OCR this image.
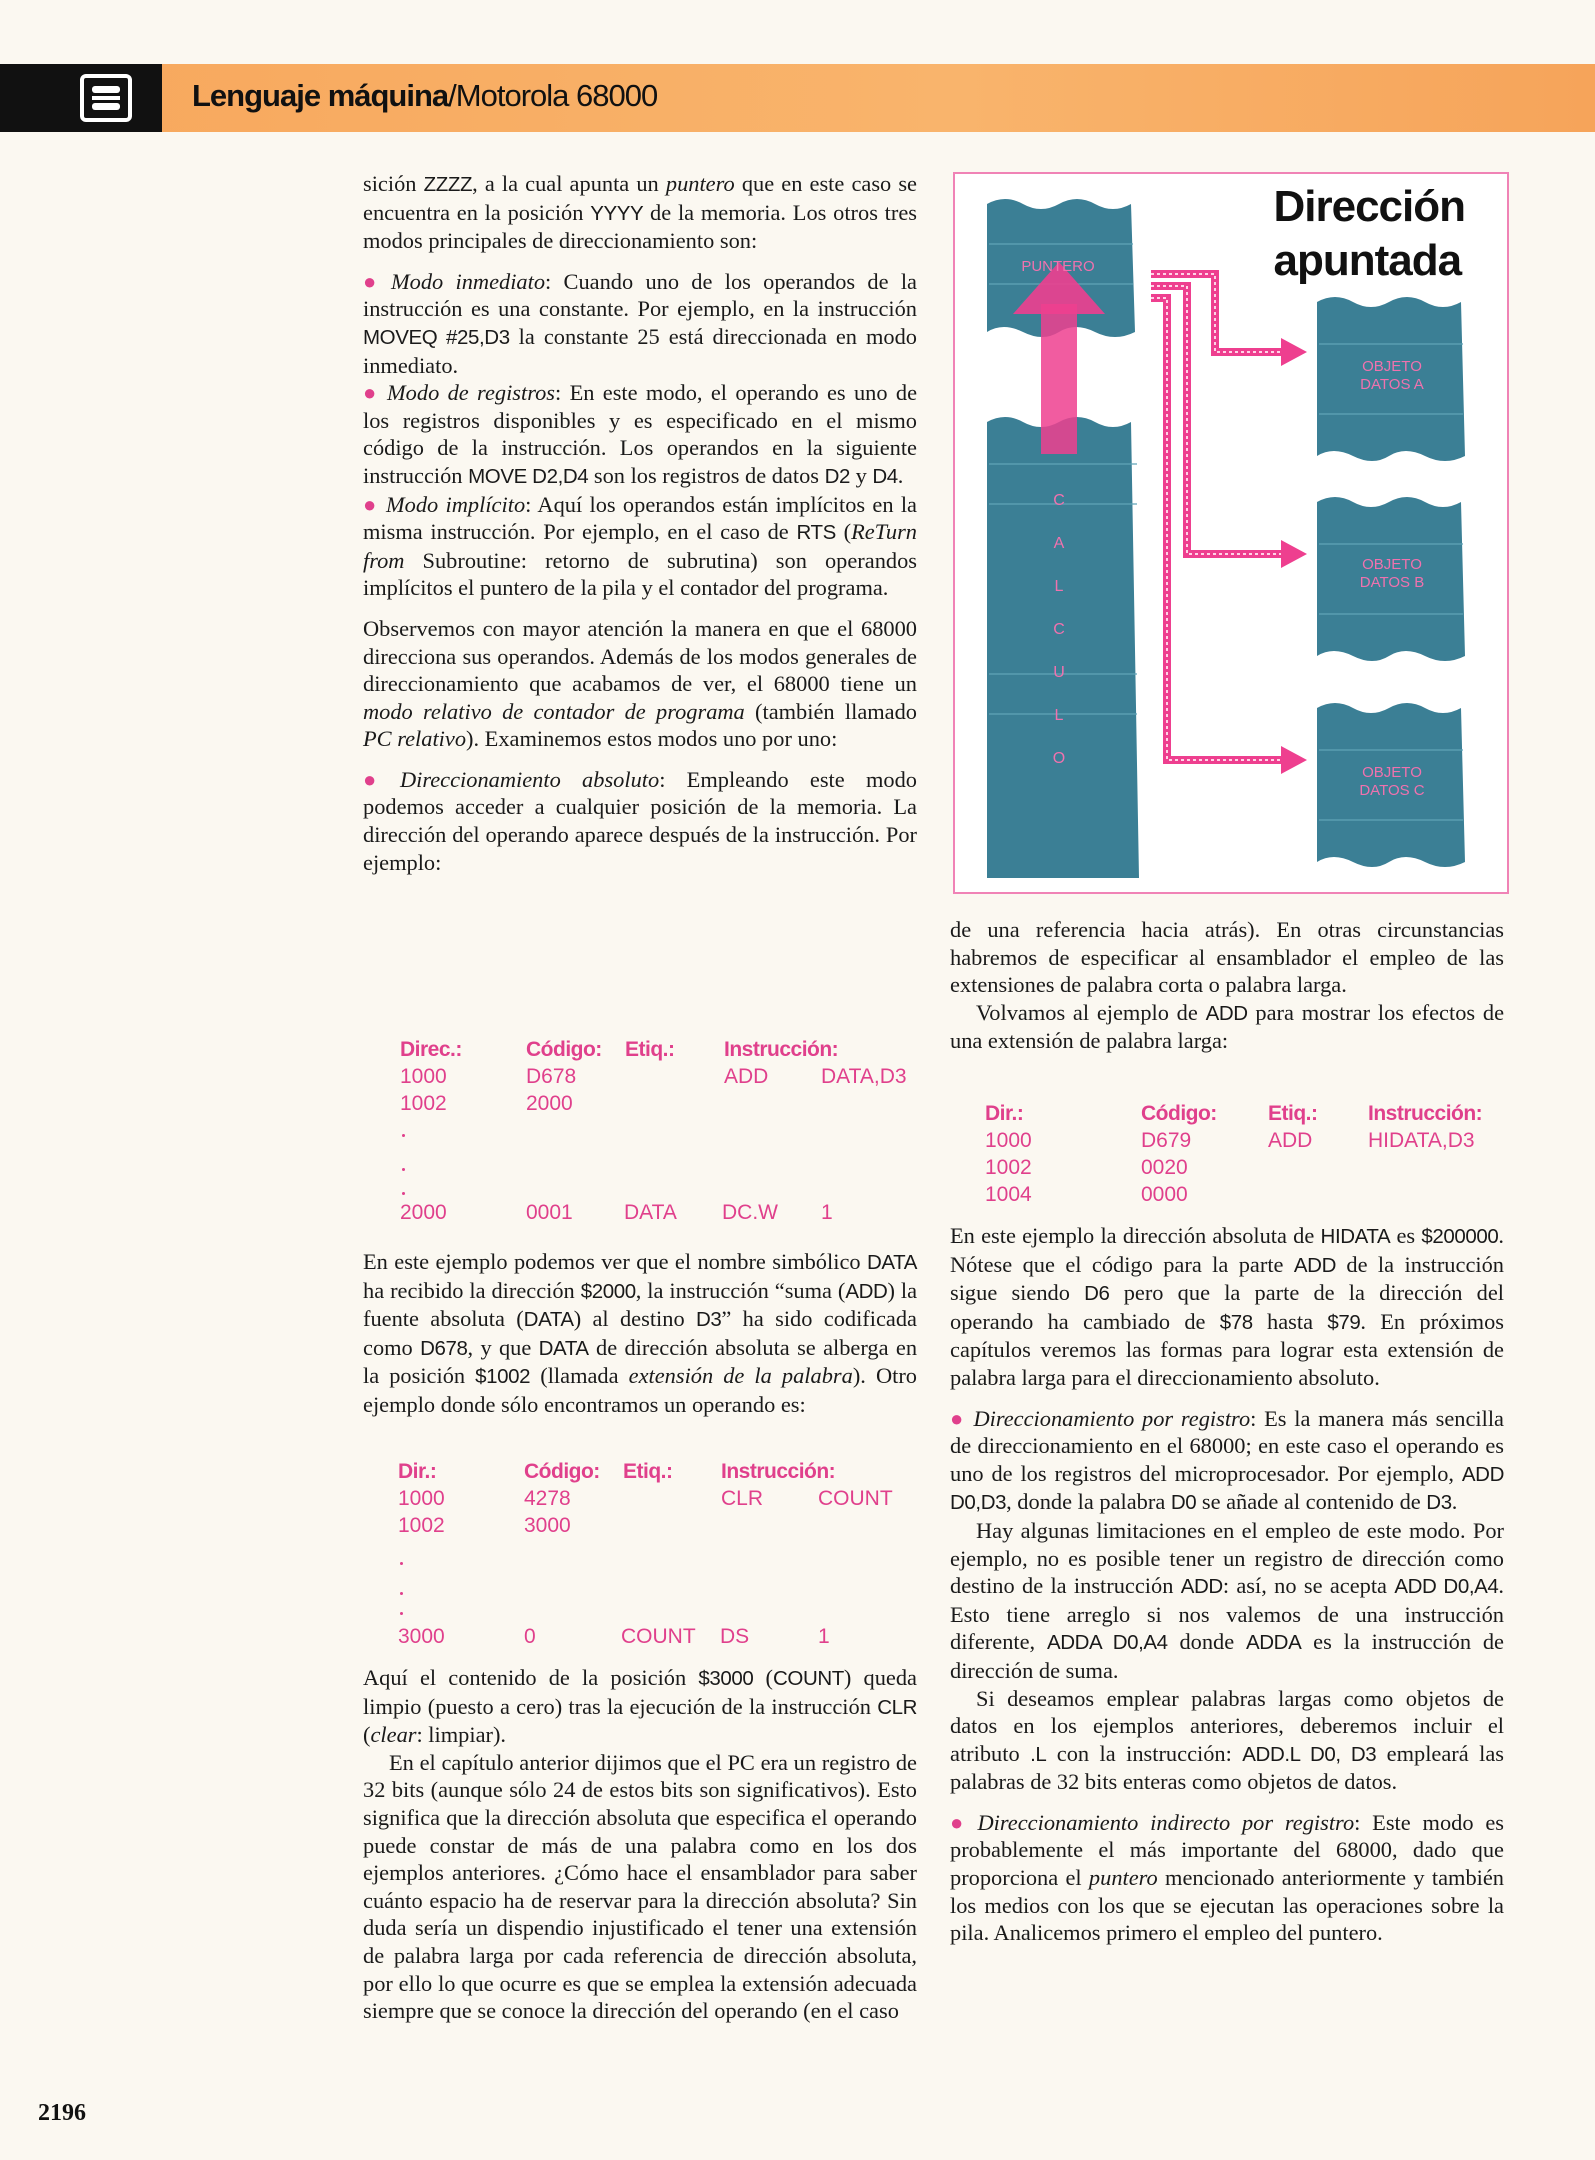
Lenguaje máquina/Motorola 68000

sición ZZZZ, a la cual apunta un puntero que en este caso se encuentra en la posición YYYY de la memoria. Los otros tres modos principales de direccionamiento son:

● Modo inmediato: Cuando uno de los operandos de la instrucción es una constante. Por ejemplo, en la instrucción MOVEQ #25,D3 la constante 25 está direccionada en modo inmediato.

● Modo de registros: En este modo, el operando es uno de los registros disponibles y es especificado en el mismo código de la instrucción. Los operandos en la siguiente instrucción MOVE D2,D4 son los registros de datos D2 y D4.

● Modo implícito: Aquí los operandos están implícitos en la misma instrucción. Por ejemplo, en el caso de RTS (ReTurn from Subroutine: retorno de subrutina) son operandos implícitos el puntero de la pila y el contador del programa.

Observemos con mayor atención la manera en que el 68000 direcciona sus operandos. Además de los modos generales de direccionamiento que acabamos de ver, el 68000 tiene un modo relativo de contador de programa (también llamado PC relativo). Examinemos estos modos uno por uno:

● Direccionamiento absoluto: Empleando este modo podemos acceder a cualquier posición de la memoria. La dirección del operando aparece después de la instrucción. Por ejemplo:

Direc.:	Código: Etiq.: Instrucción:
1000	D678	ADD	DATA,D3
1002	2000
2000	0001 DATA DC.W 1

En este ejemplo podemos ver que el nombre simbólico DATA ha recibido la dirección $2000, la instrucción “suma (ADD) la fuente absoluta (DATA) al destino D3” ha sido codificada como D678, y que DATA de dirección absoluta se alberga en la posición $1002 (llamada extensión de la palabra). Otro ejemplo donde sólo encontramos un operando es:

Dir.:	Código: Etiq.: Instrucción:
1000	4278	CLR	COUNT
1002	3000
3000	0	COUNT DS	1

Aquí el contenido de la posición $3000 (COUNT) queda limpio (puesto a cero) tras la ejecución de la instrucción CLR (clear: limpiar).

En el capítulo anterior dijimos que el PC era un registro de 32 bits (aunque sólo 24 de estos bits son significativos). Esto significa que la dirección absoluta que especifica el operando puede constar de más de una palabra como en los dos ejemplos anteriores. ¿Cómo hace el ensamblador para saber cuánto espacio ha de reservar para la dirección absoluta? Sin duda sería un dispendio injustificado el tener una extensión de palabra larga por cada referencia de dirección absoluta, por ello lo que ocurre es que se emplea la extensión adecuada siempre que se conoce la dirección del operando (en el caso

Dirección
apuntada
PUNTERO
C
A
L
C
U
L
O
OBJETO
DATOS A
OBJETO
DATOS B
OBJETO
DATOS C

de una referencia hacia atrás). En otras circunstancias habremos de especificar al ensamblador el empleo de las extensiones de palabra corta o palabra larga.

Volvamos al ejemplo de ADD para mostrar los efectos de una extensión de palabra larga:

Dir.:	Código: Etiq.: Instrucción:
1000	D679	ADD	HIDATA,D3
1002	0020
1004	0000

En este ejemplo la dirección absoluta de HIDATA es $200000. Nótese que el código para la parte ADD de la instrucción sigue siendo D6 pero que la parte de la dirección del operando ha cambiado de $78 hasta $79. En próximos capítulos veremos las formas para lograr esta extensión de palabra larga para el direccionamiento absoluto.

● Direccionamiento por registro: Es la manera más sencilla de direccionamiento en el 68000; en este caso el operando es uno de los registros del microprocesador. Por ejemplo, ADD D0,D3, donde la palabra D0 se añade al contenido de D3.

Hay algunas limitaciones en el empleo de este modo. Por ejemplo, no es posible tener un registro de dirección como destino de la instrucción ADD: así, no se acepta ADD D0,A4. Esto tiene arreglo si nos valemos de una instrucción diferente, ADDA D0,A4 donde ADDA es la instrucción de dirección de suma.

Si deseamos emplear palabras largas como objetos de datos en los ejemplos anteriores, deberemos incluir el atributo .L con la instrucción: ADD.L D0, D3 empleará las palabras de 32 bits enteras como objetos de datos.

● Direccionamiento indirecto por registro: Este modo es probablemente el más importante del 68000, dado que proporciona el puntero mencionado anteriormente y también los medios con los que se ejecutan las operaciones sobre la pila. Analicemos primero el empleo del puntero.

2196
